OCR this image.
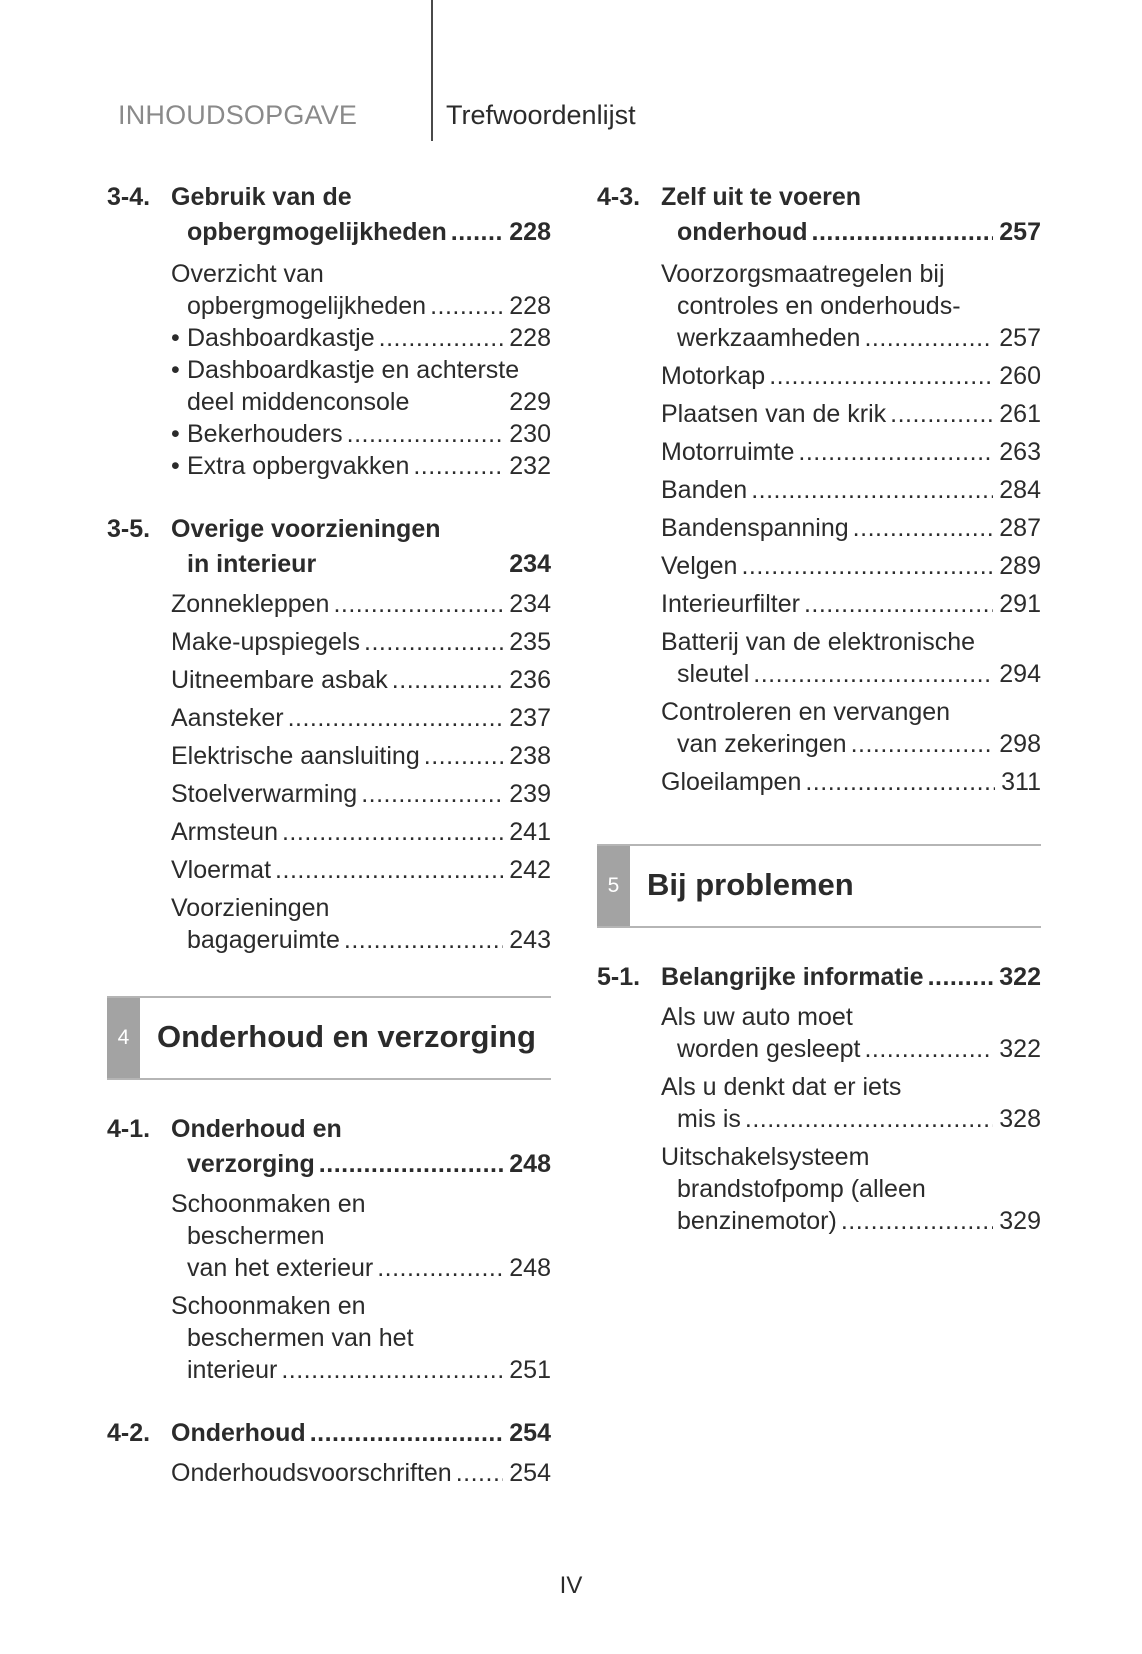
INHOUDSOPGAVE	Trefwoordenlijst
3-4. Gebruik van de
opbergmogelijkheden .....	228
Overzicht van
opbergmogelijkheden .....	228
• Dashboardkastje .....	228
• Dashboardkastje en achterste
deel middenconsole	229
• Bekerhouders .....	230
• Extra opbergvakken .....	232
3-5. Overige voorzieningen
in interieur	234
Zonnekleppen .....	234
Make-upspiegels .....	235
Uitneembare asbak .....	236
Aansteker .....	237
Elektrische aansluiting .....	238
Stoelverwarming .....	239
Armsteun .....	241
Vloermat .....	242
Voorzieningen
bagageruimte .....	243
4 Onderhoud en verzorging
4-1. Onderhoud en
verzorging .....	248
Schoonmaken en
beschermen
van het exterieur .....	248
Schoonmaken en
beschermen van het
interieur .....	251
4-2. Onderhoud .....	254
Onderhoudsvoorschriften ..... 254
4-3. Zelf uit te voeren
onderhoud .....	257
Voorzorgsmaatregelen bij
controles en onderhouds-
werkzaamheden .....	257
Motorkap .....	260
Plaatsen van de krik .....	261
Motorruimte .....	263
Banden .....	284
Bandenspanning .....	287
Velgen .....	289
Interieurfilter .....	291
Batterij van de elektronische
sleutel .....	294
Controleren en vervangen
van zekeringen .....	298
Gloeilampen .....	311
5 Bij problemen
5-1. Belangrijke informatie .....	322
Als uw auto moet
worden gesleept .....	322
Als u denkt dat er iets
mis is .....	328
Uitschakelsysteem
brandstofpomp (alleen
benzinemotor) .....	329
IV
